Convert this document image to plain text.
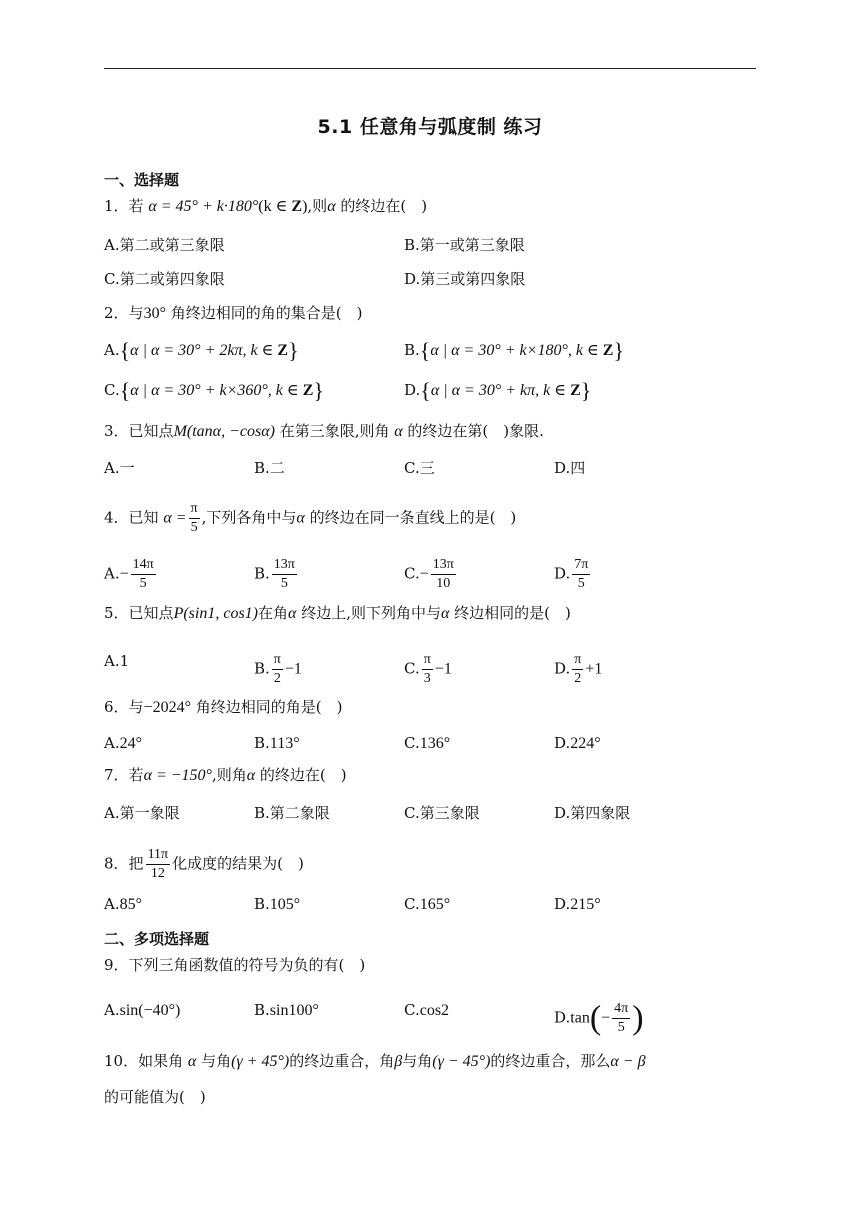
5.1 任意角与弧度制 练习
一、选择题
1．若 α = 45° + k·180°(k ∈ Z),则α 的终边在(　)
A.第二或第三象限	B.第一或第三象限
C.第二或第四象限	D.第三或第四象限
2．与30° 角终边相同的角的集合是(　)
A.{α | α = 30° + 2kπ, k ∈ Z}	B.{α | α = 30° + k×180°, k ∈ Z}
C.{α | α = 30° + k×360°, k ∈ Z}	D.{α | α = 30° + kπ, k ∈ Z}
3．已知点M(tanα, −cosα) 在第三象限,则角 α 的终边在第(　)象限.
A.一	B.二	C.三	D.四
4．已知 $\alpha = \frac{\pi}{5}$ ,下列各角中与α 的终边在同一条直线上的是(　)
$A.- \frac{14\pi}{5}$	B. $\frac{13\pi}{5}$	$C.- \frac{13\pi}{10}$	D. $\frac{7\pi}{5}$
5．已知点P(sin1, cos1)在角α 终边上,则下列角中与α 终边相同的是(　)
A.1	B. $\frac{\pi}{2} -1$	C. $\frac{\pi}{3} -1$	D. $\frac{\pi}{2} +1$
6．与−2024° 角终边相同的角是(　)
A.24°	B.113°	C.136°	D.224°
7．若α = −150°,则角α 的终边在(　)
A.第一象限	B.第二象限	C.第三象限	D.第四象限
8．把 $\frac{11\pi}{12}$ 化成度的结果为(　)
A.85°	B.105°	C.165°	D.215°
二、多项选择题
9．下列三角函数值的符号为负的有(　)
A.sin(−40°)	B.sin100°	C.cos2	$D.\tan(- \frac{4\pi}{5}$ )
10．如果角 α 与角(γ + 45°)的终边重合，角β与角(γ − 45°)的终边重合，那么α − β
的可能值为(　)
